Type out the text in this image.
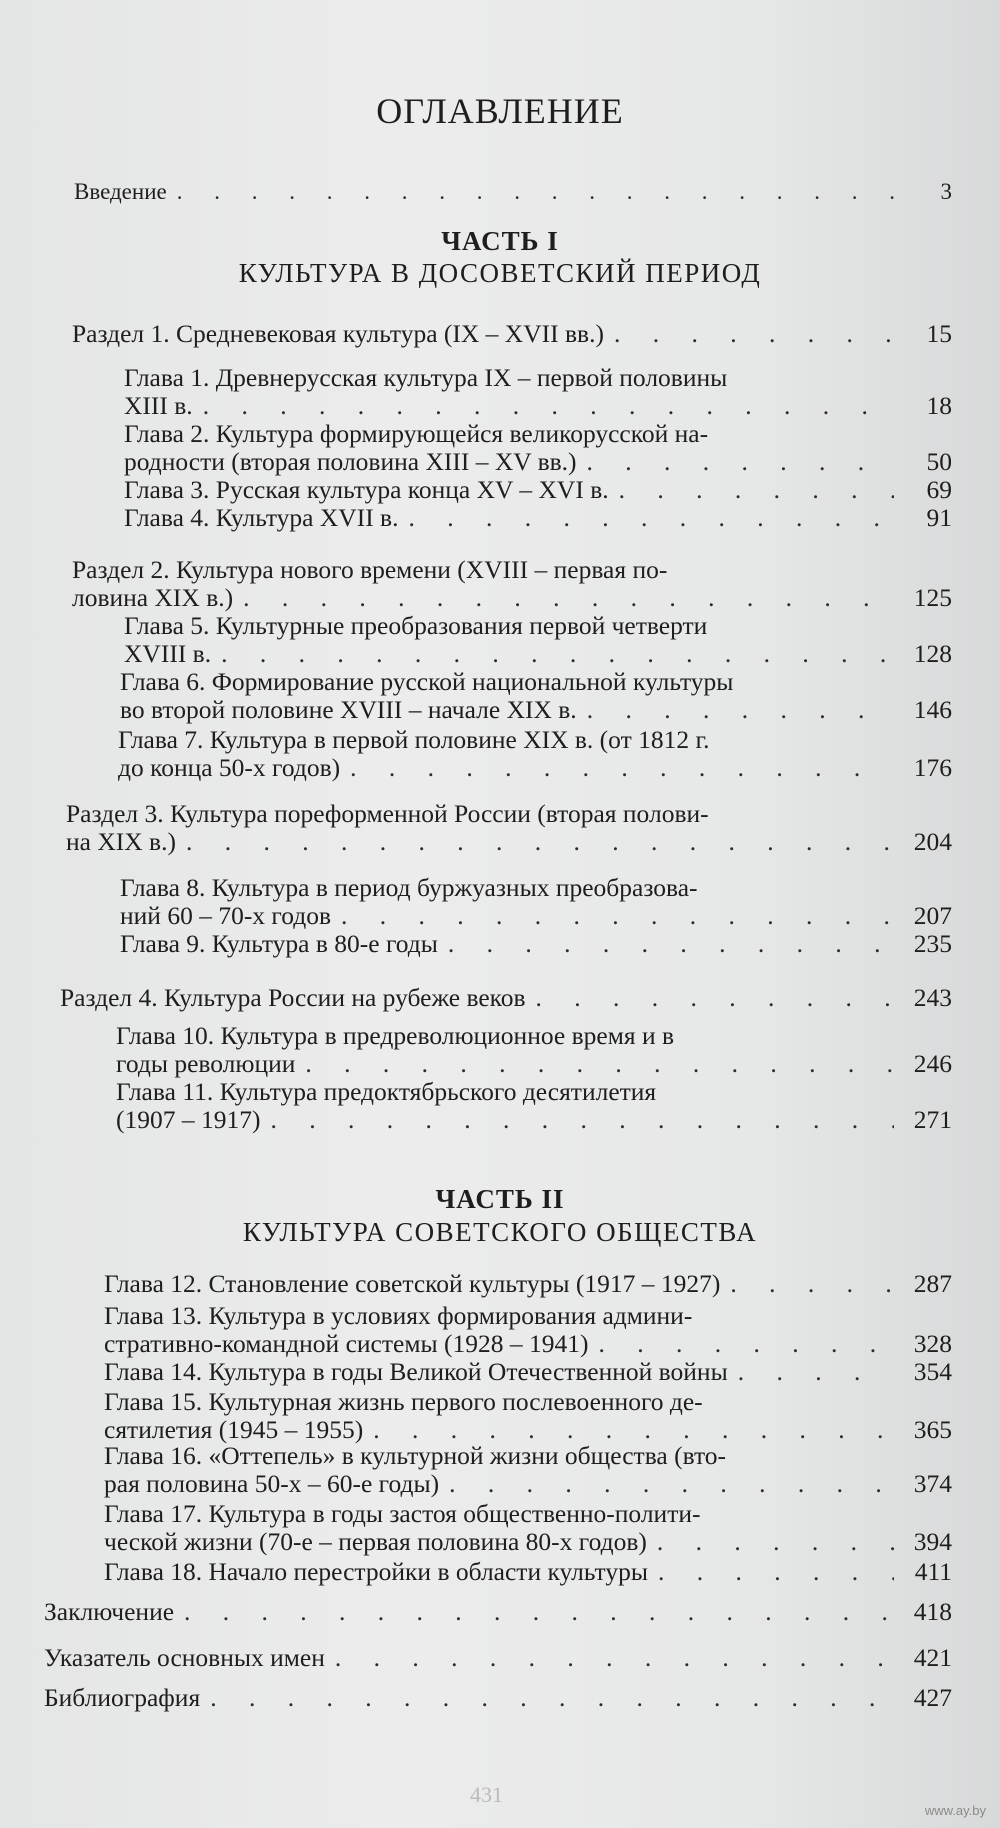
ОГЛАВЛЕНИЕ
Введение . . .	3
ЧАСТЬ I
КУЛЬТУРА В ДОСОВЕТСКИЙ ПЕРИОД
ЧАСТЬ II
КУЛЬТУРА СОВЕТСКОГО ОБЩЕСТВА
Раздел 1. Средневековая культура (IX – XVII вв.) . . .	15
Глава 1. Древнерусская культура IX – первой половины
XIII в. . . .	18
Глава 2. Культура формирующейся великорусской на-
родности (вторая половина XIII – XV вв.) . . .	50
Глава 3. Русская культура конца XV – XVI в. . . .	69
Глава 4. Культура XVII в. . . .	91
Раздел 2. Культура нового времени (XVIII – первая по-
ловина XIX в.) . . .	125
Глава 5. Культурные преобразования первой четверти
XVIII в. . . .	128
Глава 6. Формирование русской национальной культуры
во второй половине XVIII – начале XIX в. . . .	146
Глава 7. Культура в первой половине XIX в. (от 1812 г.
до конца 50-х годов) . . .	176
Раздел 3. Культура пореформенной России (вторая полови-
на XIX в.) . . .	204
Глава 8. Культура в период буржуазных преобразова-
ний 60 – 70-х годов . . .	207
Глава 9. Культура в 80-е годы . . .	235
Раздел 4. Культура России на рубеже веков . . .	243
Глава 10. Культура в предреволюционное время и в
годы революции . . .	246
Глава 11. Культура предоктябрьского десятилетия
(1907 – 1917) . . .	271
Глава 12. Становление советской культуры (1917 – 1927) . . .	287
Глава 13. Культура в условиях формирования админи-
стративно-командной системы (1928 – 1941) . . .	328
Глава 14. Культура в годы Великой Отечественной войны . . .	354
Глава 15. Культурная жизнь первого послевоенного де-
сятилетия (1945 – 1955) . . .	365
Глава 16. «Оттепель» в культурной жизни общества (вто-
рая половина 50-х – 60-е годы) . . .	374
Глава 17. Культура в годы застоя общественно-полити-
ческой жизни (70-е – первая половина 80-х годов) . . .	394
Глава 18. Начало перестройки в области культуры . . .	411
Заключение . . .	418
Указатель основных имен . . .	421
Библиография . . .	427
431
www.ay.by
